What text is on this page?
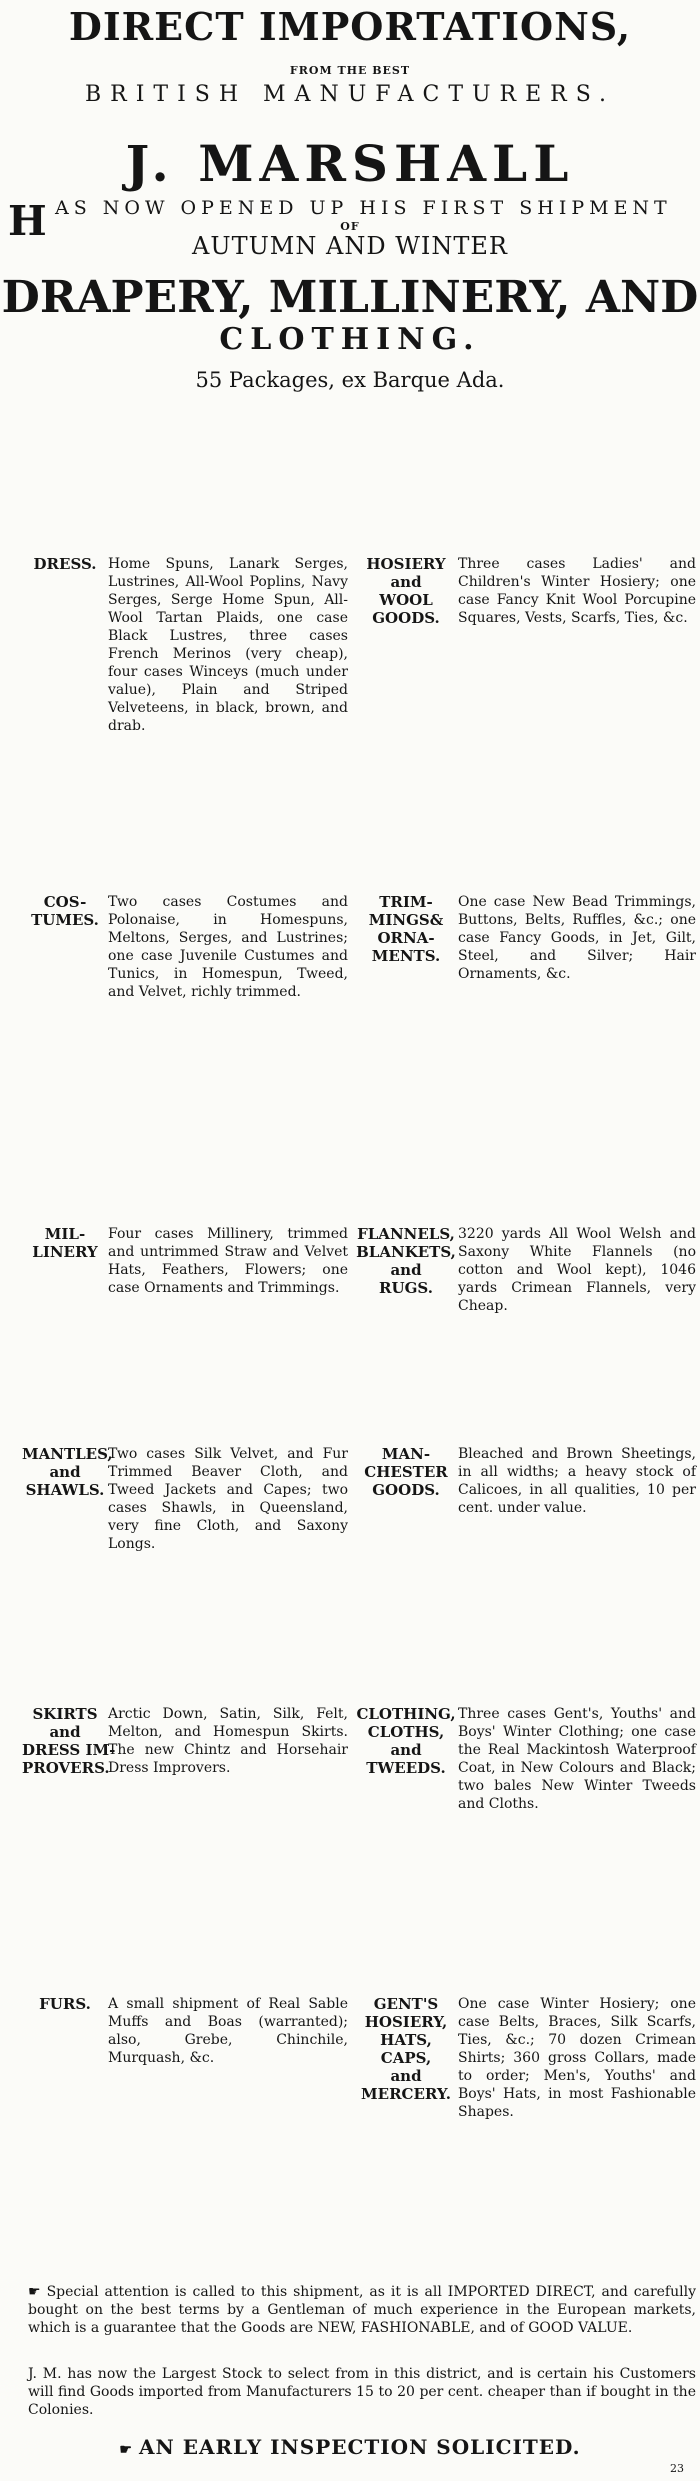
DIRECT IMPORTATIONS,
FROM THE BEST
BRITISH MANUFACTURERS.
J. MARSHALL
H AS NOW OPENED UP HIS FIRST SHIPMENT
OF
AUTUMN AND WINTER
DRAPERY, MILLINERY, AND
CLOTHING.
55 Packages, ex Barque Ada.
DRESS. Home Spuns, Lanark Serges, Lustrines, All-Wool Poplins, Navy Serges, Serge Home Spun, All-Wool Tartan Plaids, one case Black Lustres, three cases French Merinos (very cheap), four cases Winceys (much under value), Plain and Striped Velveteens, in black, brown, and drab.
HOSIERY
and
WOOL
GOODS.
Three cases Ladies' and Children's Winter Hosiery; one case Fancy Knit Wool Porcupine Squares, Vests, Scarfs, Ties, &c.
COS-
TUMES.
Two cases Costumes and Polonaise, in Homespuns, Meltons, Serges, and Lustrines; one case Juvenile Custumes and Tunics, in Homespun, Tweed, and Velvet, richly trimmed.
TRIM-
MINGS&
ORNA-
MENTS.
One case New Bead Trimmings, Buttons, Belts, Ruffles, &c.; one case Fancy Goods, in Jet, Gilt, Steel, and Silver; Hair Ornaments, &c.
MIL-
LINERY
Four cases Millinery, trimmed and untrimmed Straw and Velvet Hats, Feathers, Flowers; one case Ornaments and Trimmings.
FLANNELS,
BLANKETS,
and
RUGS.
3220 yards All Wool Welsh and Saxony White Flannels (no cotton and Wool kept), 1046 yards Crimean Flannels, very Cheap.
MANTLES,
and
SHAWLS.
Two cases Silk Velvet, and Fur Trimmed Beaver Cloth, and Tweed Jackets and Capes; two cases Shawls, in Queensland, very fine Cloth, and Saxony Longs.
MAN-
CHESTER
GOODS.
Bleached and Brown Sheetings, in all widths; a heavy stock of Calicoes, in all qualities, 10 per cent. under value.
SKIRTS
and
DRESS IM-
PROVERS.
Arctic Down, Satin, Silk, Felt, Melton, and Homespun Skirts. The new Chintz and Horsehair Dress Improvers.
CLOTHING,
CLOTHS,
and
TWEEDS.
Three cases Gent's, Youths' and Boys' Winter Clothing; one case the Real Mackintosh Waterproof Coat, in New Colours and Black; two bales New Winter Tweeds and Cloths.
FURS.	A small shipment of Real Sable Muffs and Boas (warranted); also, Grebe, Chinchile, Murquash, &c.
GENT'S
HOSIERY,
HATS,
CAPS,
and
MERCERY.
One case Winter Hosiery; one case Belts, Braces, Silk Scarfs, Ties, &c.; 70 dozen Crimean Shirts; 360 gross Collars, made to order; Men's, Youths' and Boys' Hats, in most Fashionable Shapes.
☛ Special attention is called to this shipment, as it is all IMPORTED DIRECT, and carefully bought on the best terms by a Gentleman of much experience in the European markets, which is a guarantee that the Goods are NEW, FASHIONABLE, and of GOOD VALUE.
J. M. has now the Largest Stock to select from in this district, and is certain his Customers will find Goods imported from Manufacturers 15 to 20 per cent. cheaper than if bought in the Colonies.
☛ AN EARLY INSPECTION SOLICITED.
23
